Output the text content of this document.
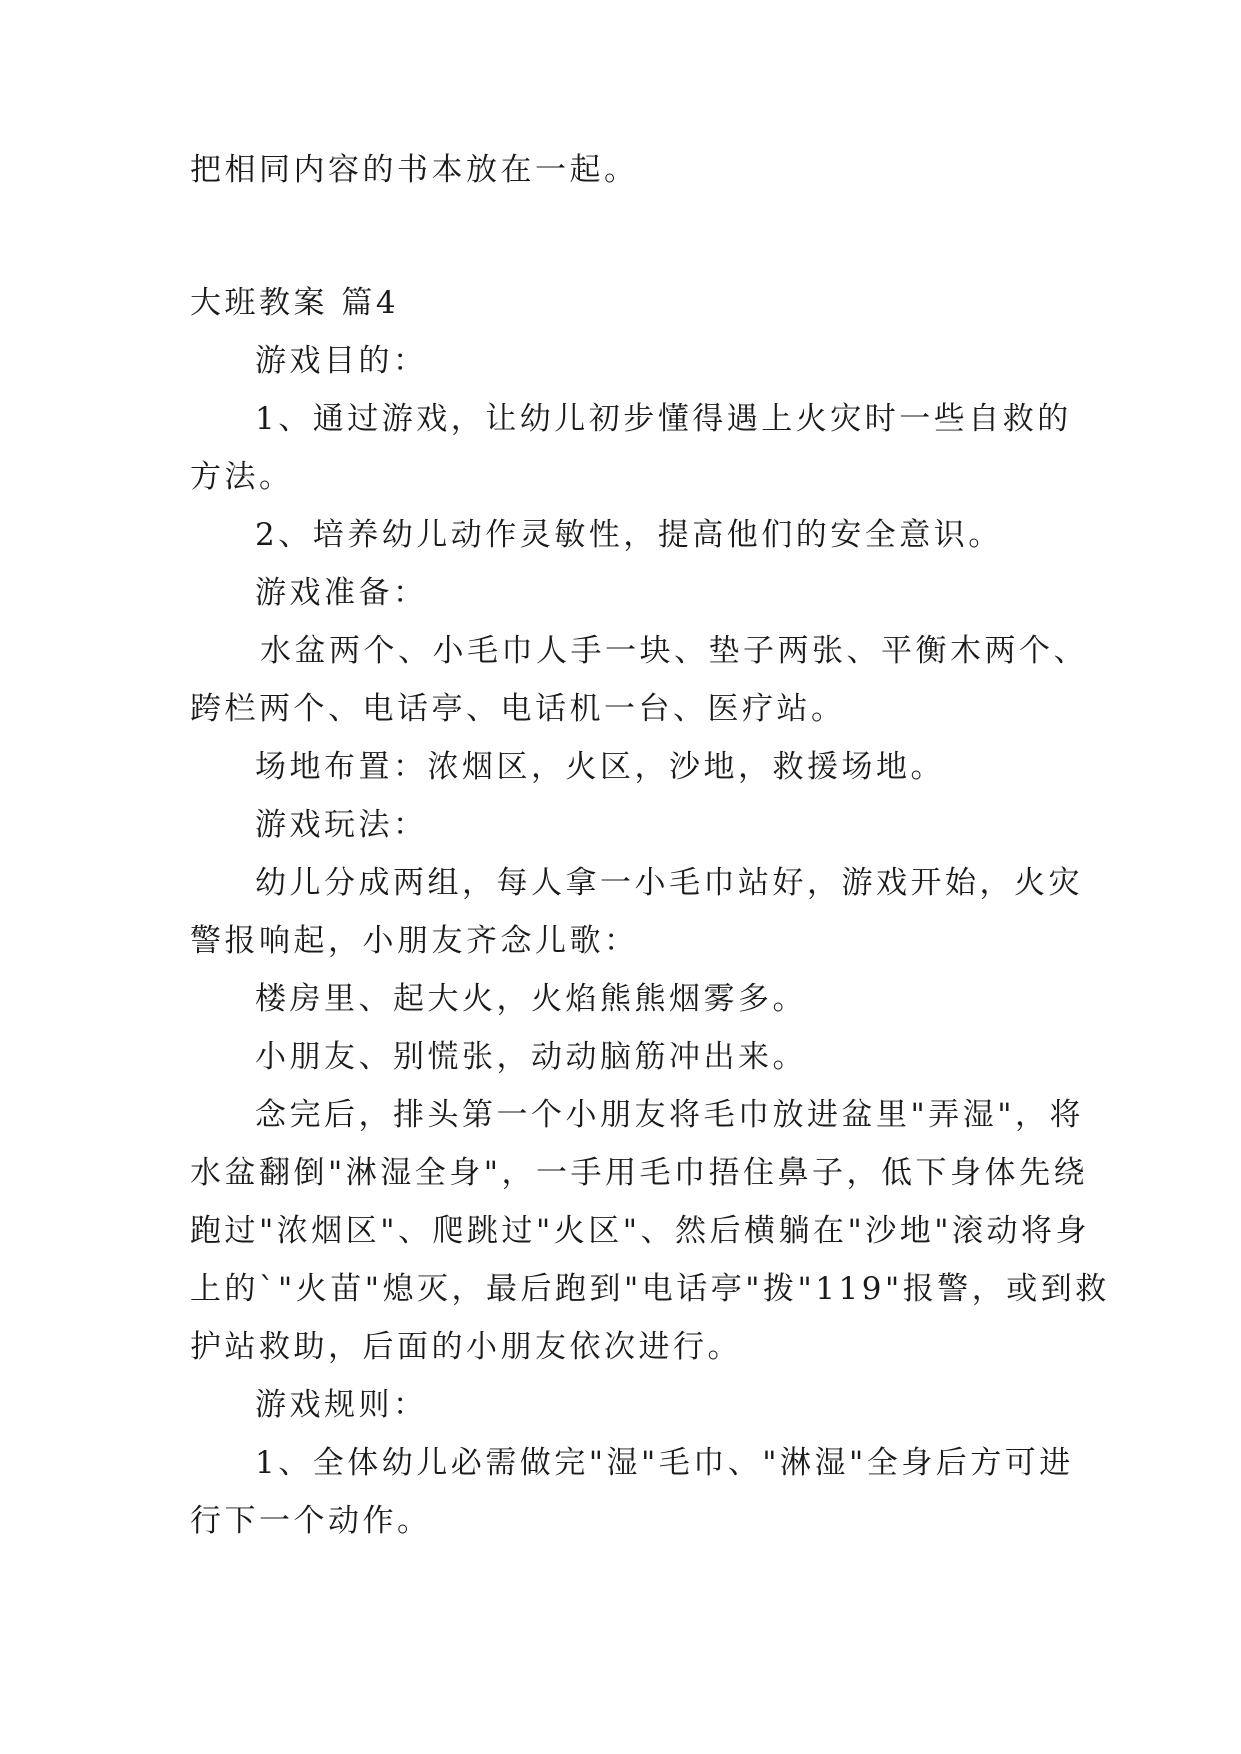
把相同内容的书本放在一起。
大班教案 篇4
游戏目的：
1、通过游戏，让幼儿初步懂得遇上火灾时一些自救的
方法。
2、培养幼儿动作灵敏性，提高他们的安全意识。
游戏准备：
水盆两个、小毛巾人手一块、垫子两张、平衡木两个、
跨栏两个、电话亭、电话机一台、医疗站。
场地布置：浓烟区，火区，沙地，救援场地。
游戏玩法：
幼儿分成两组，每人拿一小毛巾站好，游戏开始，火灾
警报响起，小朋友齐念儿歌：
楼房里、起大火，火焰熊熊烟雾多。
小朋友、别慌张，动动脑筋冲出来。
念完后，排头第一个小朋友将毛巾放进盆里"弄湿"，将
水盆翻倒"淋湿全身"，一手用毛巾捂住鼻子，低下身体先绕
跑过"浓烟区"、爬跳过"火区"、然后横躺在"沙地"滚动将身
上的`"火苗"熄灭，最后跑到"电话亭"拨"119"报警，或到救
护站救助，后面的小朋友依次进行。
游戏规则：
1、全体幼儿必需做完"湿"毛巾、"淋湿"全身后方可进
行下一个动作。
